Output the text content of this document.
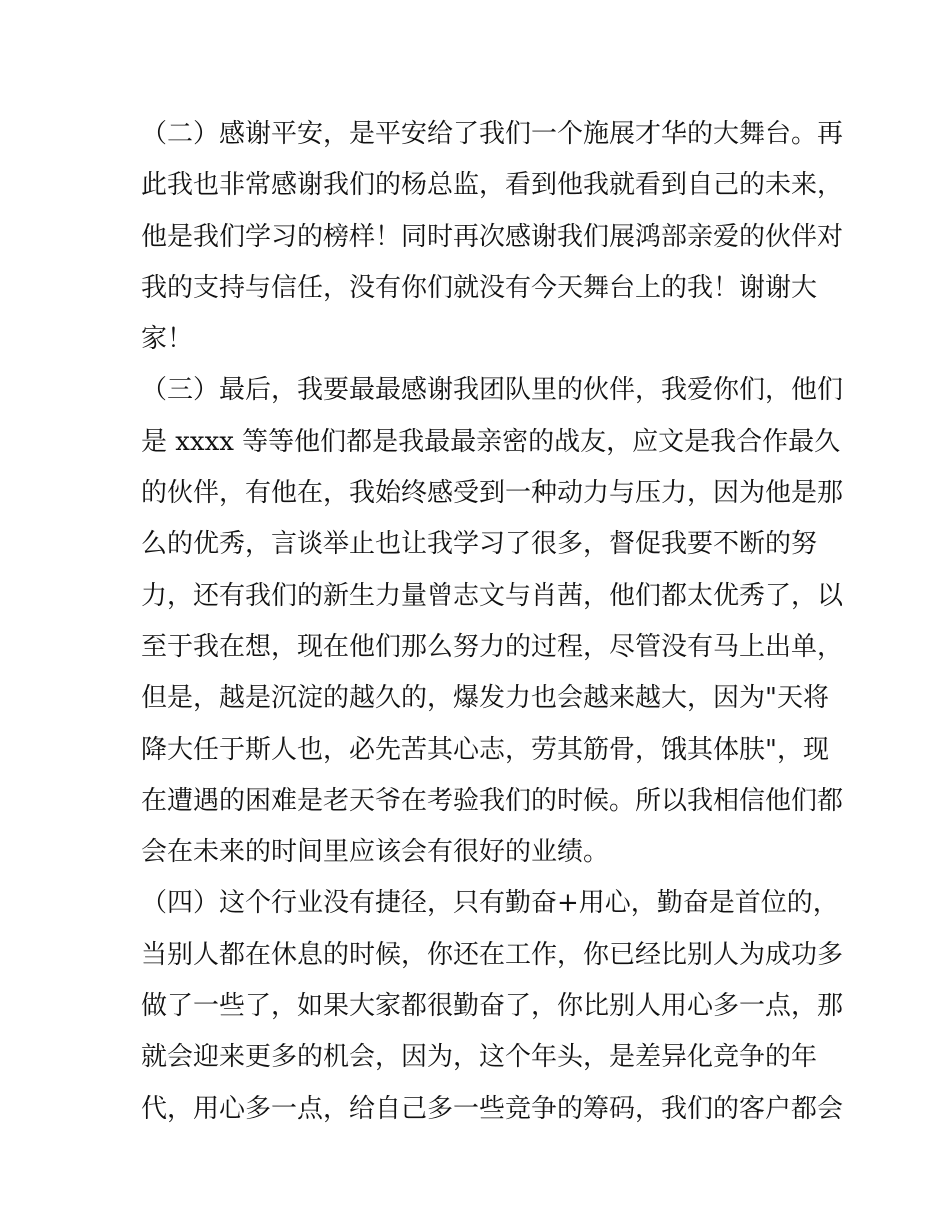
（二）感谢平安，是平安给了我们一个施展才华的大舞台。再
此我也非常感谢我们的杨总监，看到他我就看到自己的未来，
他是我们学习的榜样！同时再次感谢我们展鸿部亲爱的伙伴对
我的支持与信任，没有你们就没有今天舞台上的我！谢谢大
家！
（三）最后，我要最最感谢我团队里的伙伴，我爱你们，他们
是 xxxx 等等他们都是我最最亲密的战友，应文是我合作最久
的伙伴，有他在，我始终感受到一种动力与压力，因为他是那
么的优秀，言谈举止也让我学习了很多，督促我要不断的努
力，还有我们的新生力量曾志文与肖茜，他们都太优秀了，以
至于我在想，现在他们那么努力的过程，尽管没有马上出单，
但是，越是沉淀的越久的，爆发力也会越来越大，因为"天将
降大任于斯人也，必先苦其心志，劳其筋骨，饿其体肤"，现
在遭遇的困难是老天爷在考验我们的时候。所以我相信他们都
会在未来的时间里应该会有很好的业绩。
（四）这个行业没有捷径，只有勤奋+用心，勤奋是首位的，
当别人都在休息的时候，你还在工作，你已经比别人为成功多
做了一些了，如果大家都很勤奋了，你比别人用心多一点，那
就会迎来更多的机会，因为，这个年头，是差异化竞争的年
代，用心多一点，给自己多一些竞争的筹码，我们的客户都会
